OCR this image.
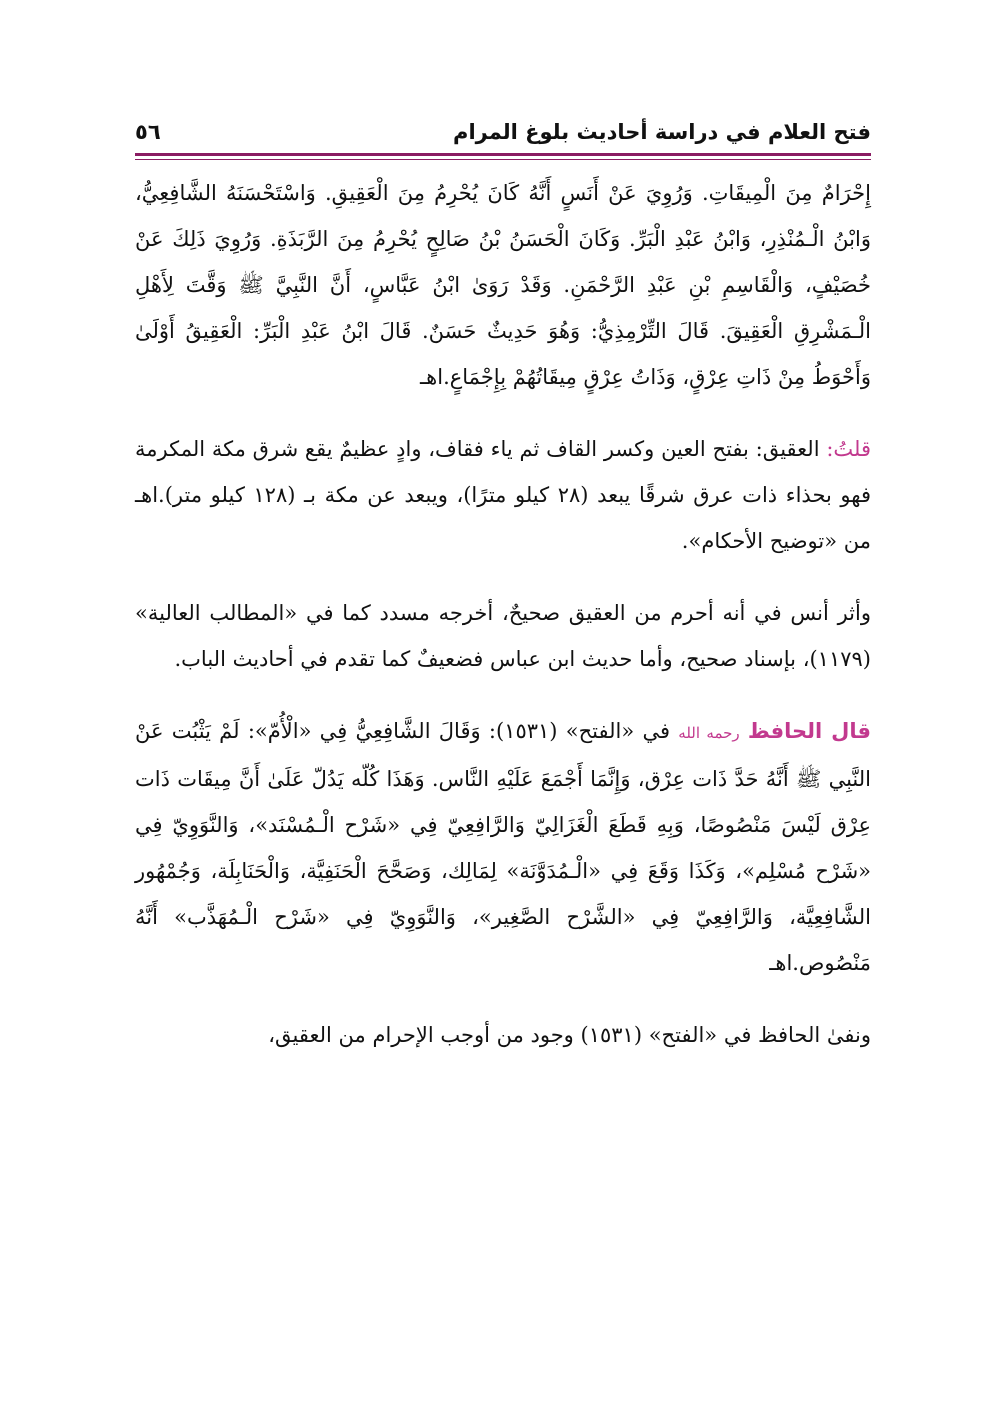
فتح العلام في دراسة أحاديث بلوغ المرام
٥٦

إِحْرَامٌ مِنَ الْمِيقَاتِ. وَرُوِيَ عَنْ أَنَسٍ أَنَّهُ كَانَ يُحْرِمُ مِنَ الْعَقِيقِ. وَاسْتَحْسَنَهُ الشَّافِعِيُّ، وَابْنُ الْـمُنْذِرِ، وَابْنُ عَبْدِ الْبَرِّ. وَكَانَ الْحَسَنُ بْنُ صَالِحٍ يُحْرِمُ مِنَ الرَّبَذَةِ. وَرُوِيَ ذَلِكَ عَنْ خُصَيْفٍ، وَالْقَاسِمِ بْنِ عَبْدِ الرَّحْمَنِ. وَقَدْ رَوَىٰ ابْنُ عَبَّاسٍ، أَنَّ النَّبِيَّ ﷺ وَقَّتَ لِأَهْلِ الْـمَشْرِقِ الْعَقِيقَ. قَالَ التِّرْمِذِيُّ: وَهُوَ حَدِيثٌ حَسَنٌ. قَالَ ابْنُ عَبْدِ الْبَرِّ: الْعَقِيقُ أَوْلَىٰ وَأَحْوَطُ مِنْ ذَاتِ عِرْقٍ، وَذَاتُ عِرْقٍ مِيقَاتُهُمْ بِإِجْمَاعٍ.اهـ

قلتُ: العقيق: بفتح العين وكسر القاف ثم ياء فقاف، وادٍ عظيمٌ يقع شرق مكة المكرمة فهو بحذاء ذات عرق شرقًا يبعد (٢٨ كيلو مترًا)، ويبعد عن مكة بـ (١٢٨ كيلو متر).اهـ من «توضيح الأحكام».

وأثر أنس في أنه أحرم من العقيق صحيحٌ، أخرجه مسدد كما في «المطالب العالية» (١١٧٩)، بإسناد صحيح، وأما حديث ابن عباس فضعيفٌ كما تقدم في أحاديث الباب.

قال الحافظ رحمه الله في «الفتح» (١٥٣١): وَقَالَ الشَّافِعِيُّ فِي «الْأُمّ»: لَمْ يَثْبُت عَنْ النَّبِي ﷺ أَنَّهُ حَدَّ ذَات عِرْق، وَإِنَّمَا أَجْمَعَ عَلَيْهِ النَّاس. وَهَذَا كُلّه يَدُلّ عَلَىٰ أَنَّ مِيقَات ذَات عِرْق لَيْسَ مَنْصُوصًا، وَبِهِ قَطَعَ الْغَزَالِيّ وَالرَّافِعِيّ فِي «شَرْح الْـمُسْنَد»، وَالنَّوَوِيّ فِي «شَرْح مُسْلِم»، وَكَذَا وَقَعَ فِي «الْـمُدَوَّنَة» لِمَالِك، وَصَحَّحَ الْحَنَفِيَّة، وَالْحَنَابِلَة، وَجُمْهُور الشَّافِعِيَّة، وَالرَّافِعِيّ فِي «الشَّرْح الصَّغِير»، وَالنَّوَوِيّ فِي «شَرْح الْـمُهَذَّب» أَنَّهُ مَنْصُوص.اهـ

ونفىٰ الحافظ في «الفتح» (١٥٣١) وجود من أوجب الإحرام من العقيق،
